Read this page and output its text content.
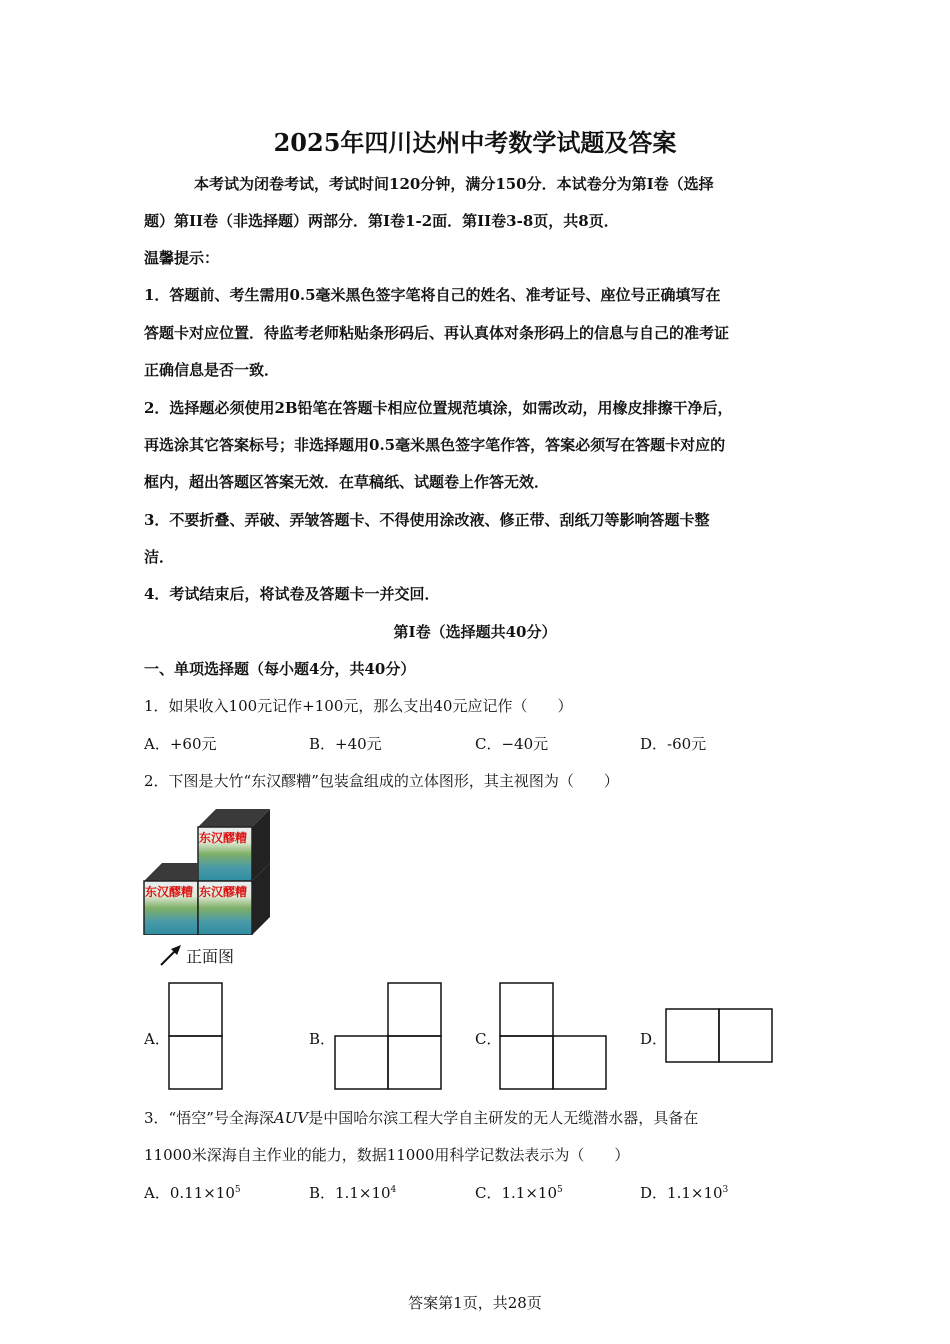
2025年四川达州中考数学试题及答案
本考试为闭卷考试，考试时间120分钟，满分150分．本试卷分为第Ⅰ卷（选择
题）第II卷（非选择题）两部分．第Ⅰ卷1-2面．第II卷3-8页，共8页．
温馨提示：
1．答题前、考生需用0.5毫米黑色签字笔将自己的姓名、准考证号、座位号正确填写在
答题卡对应位置．待监考老师粘贴条形码后、再认真体对条形码上的信息与自己的准考证
正确信息是否一致．
2．选择题必须使用2B铅笔在答题卡相应位置规范填涂，如需改动，用橡皮排擦干净后，
再选涂其它答案标号；非选择题用0.5毫米黑色签字笔作答，答案必须写在答题卡对应的
框内，超出答题区答案无效．在草稿纸、试题卷上作答无效．
3．不要折叠、弄破、弄皱答题卡、不得使用涂改液、修正带、刮纸刀等影响答题卡整
洁．
4．考试结束后，将试卷及答题卡一并交回．
第Ⅰ卷（选择题共40分）
一、单项选择题（每小题4分，共40分）
1．如果收入100元记作+100元，那么支出40元应记作（　　）
A．+60元	B．+40元	C．−40元	D．-60元
2．下图是大竹“东汉醪糟”包装盒组成的立体图形，其主视图为（　　）
东汉醪糟
东汉醪糟 东汉醪糟
正面图
A．	B．	C．	D．
3．“悟空”号全海深AUV是中国哈尔滨工程大学自主研发的无人无缆潜水器，具备在
11000米深海自主作业的能力，数据11000用科学记数法表示为（　　）
A．$0.11\times 10^5$	B．$1.1\times 10^4$	C．$1.1\times 10^5$	D．$1.1\times 10^3$
答案第1页，共28页
